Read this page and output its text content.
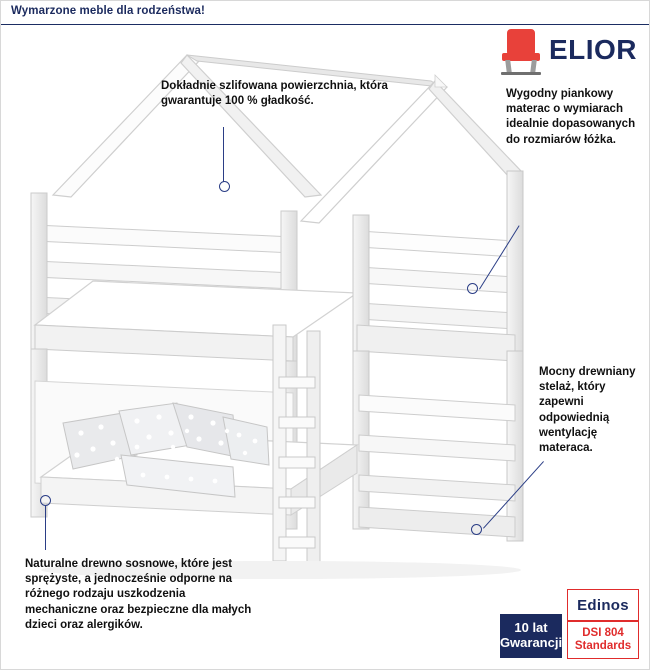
Wymarzone meble dla rodzeństwa!
ELIOR
Dokładnie szlifowana powierzchnia, która gwarantuje 100 % gładkość.
Wygodny piankowy materac o wymiarach idealnie dopasowanych do rozmiarów łóżka.
Mocny drewniany stelaż, który zapewni odpowiednią wentylację materaca.
Naturalne drewno sosnowe, które jest sprężyste, a jednocześnie odporne na różnego rodzaju uszkodzenia mechaniczne oraz bezpieczne dla małych dzieci oraz alergików.	10 lat
Gwarancji
Edinos
DSI 804
Standards
